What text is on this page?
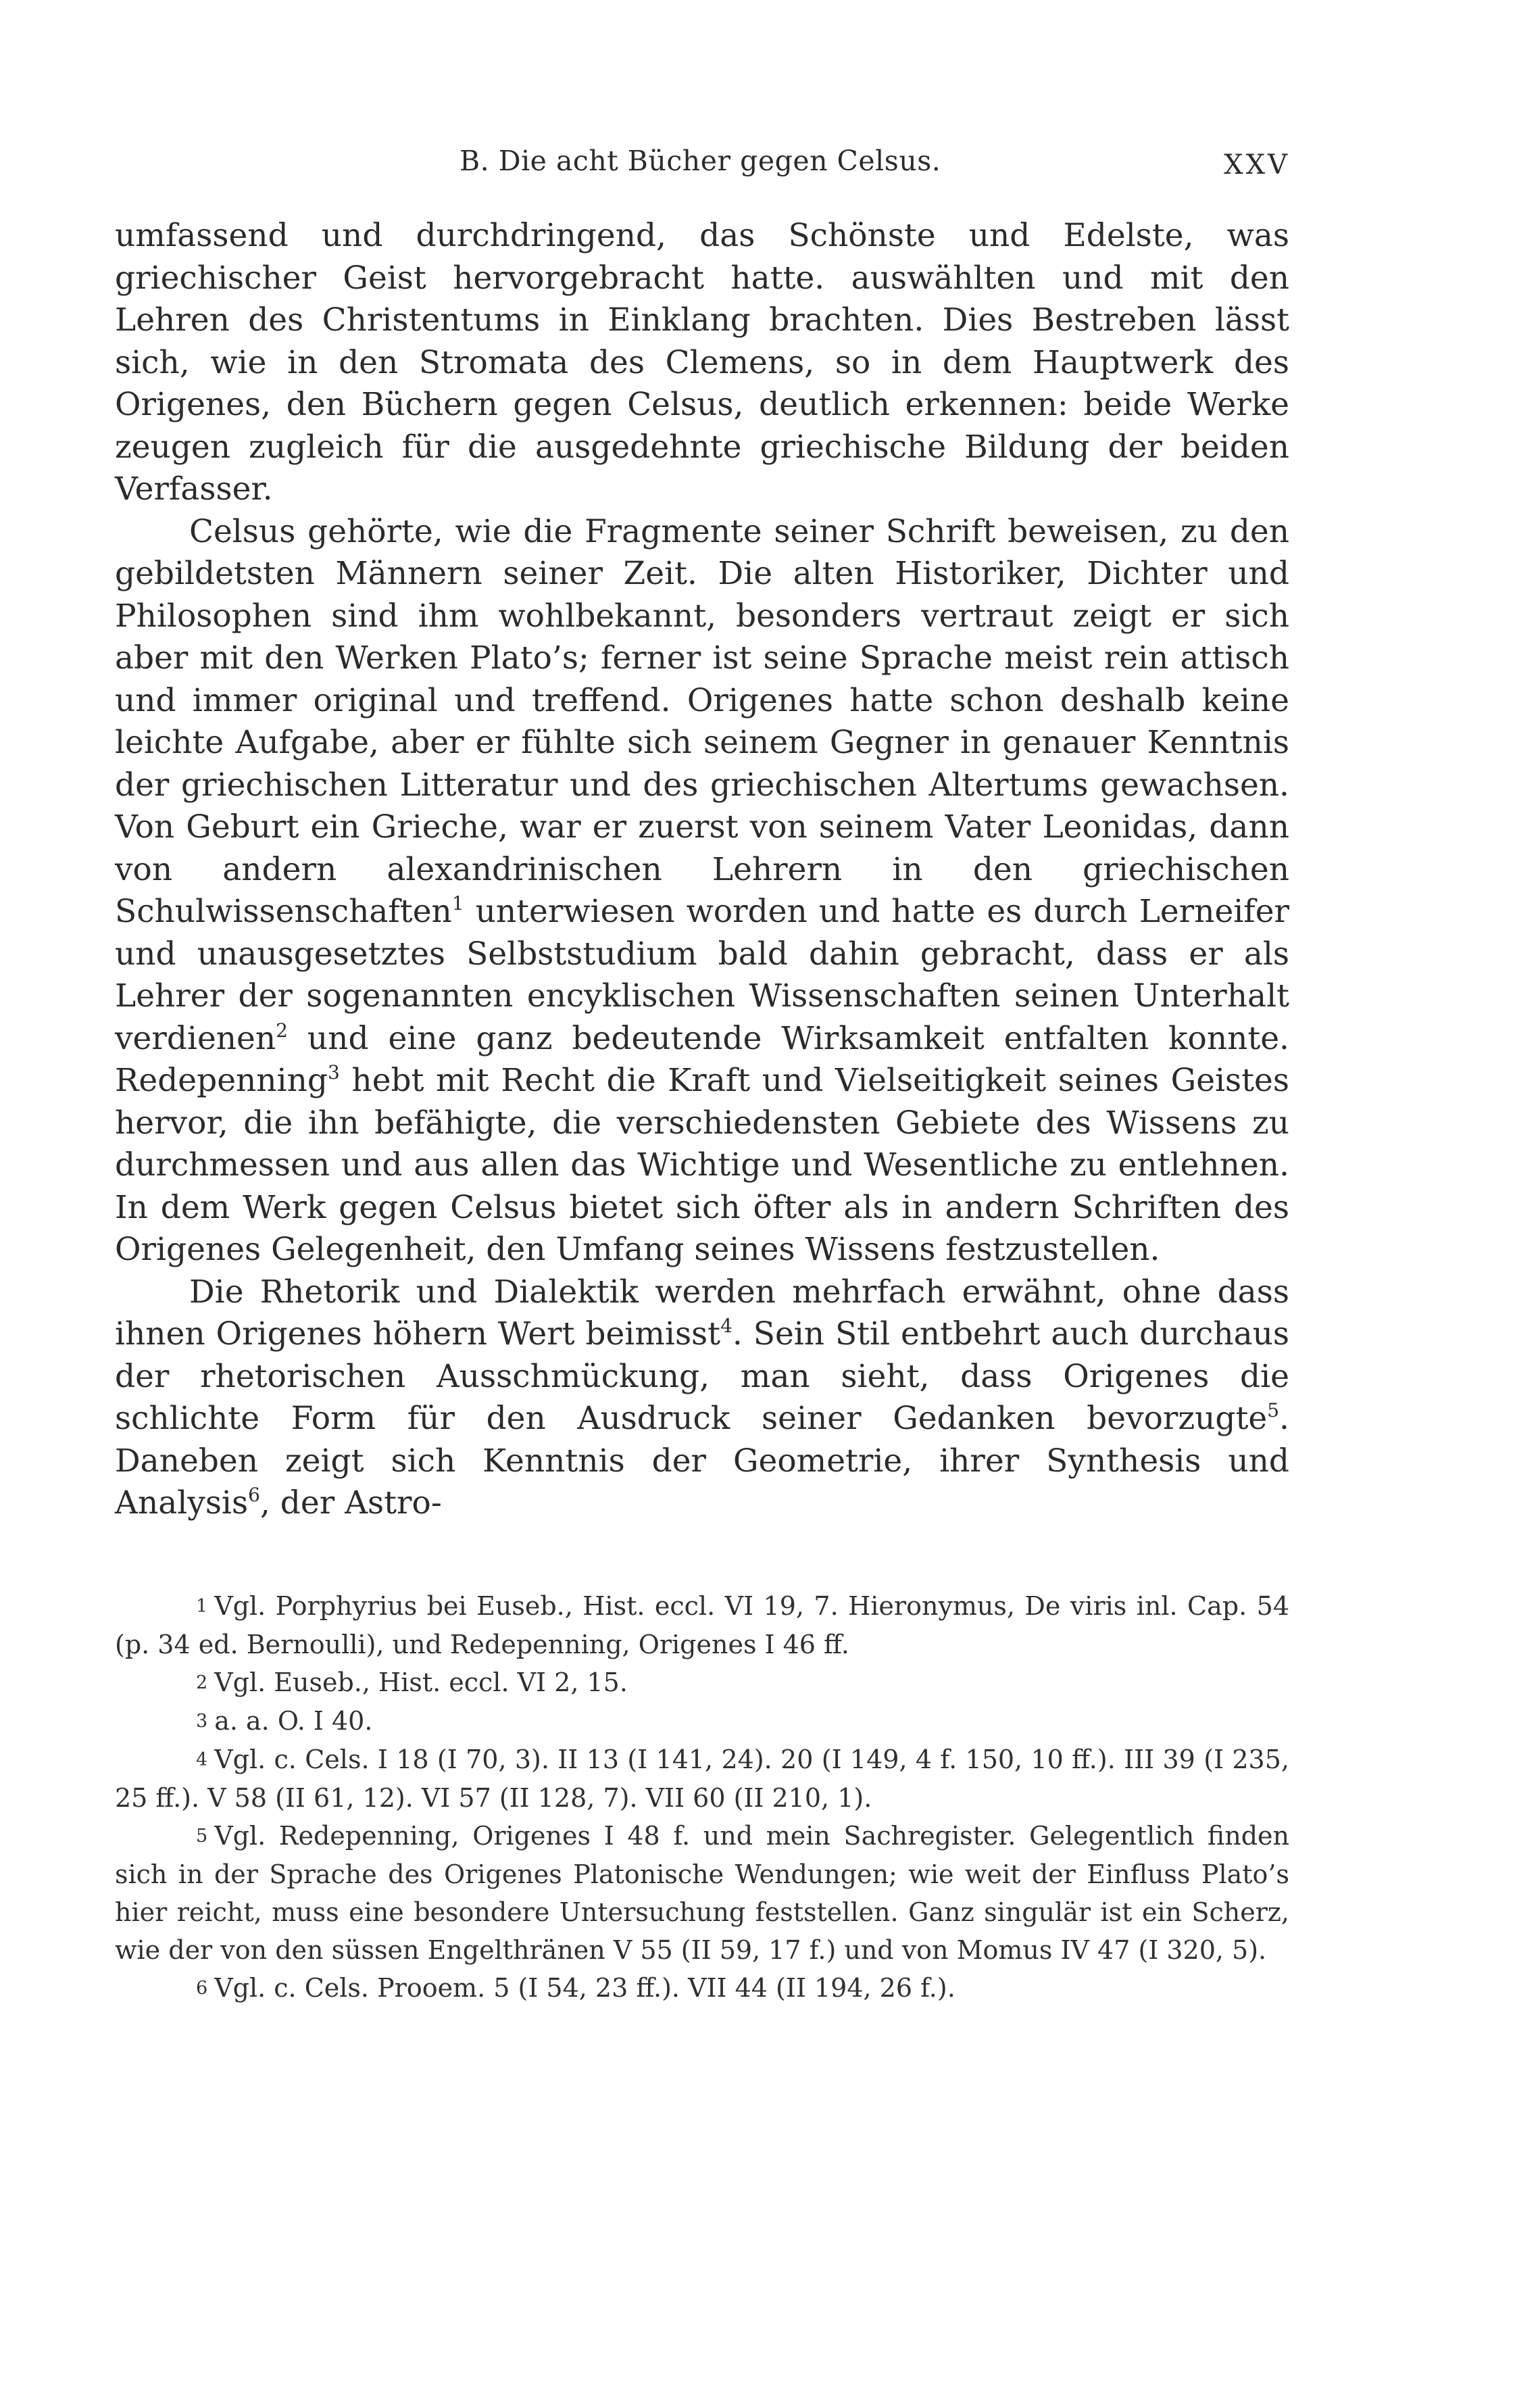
B. Die acht Bücher gegen Celsus.	XXV

umfassend und durchdringend, das Schönste und Edelste, was griechischer Geist hervorgebracht hatte. auswählten und mit den Lehren des Christentums in Einklang brachten. Dies Bestreben lässt sich, wie in den Stromata des Clemens, so in dem Hauptwerk des Origenes, den Büchern gegen Celsus, deutlich erkennen: beide Werke zeugen zugleich für die ausgedehnte griechische Bildung der beiden Verfasser.

Celsus gehörte, wie die Fragmente seiner Schrift beweisen, zu den gebildetsten Männern seiner Zeit. Die alten Historiker, Dichter und Philosophen sind ihm wohlbekannt, besonders vertraut zeigt er sich aber mit den Werken Plato’s; ferner ist seine Sprache meist rein attisch und immer original und treffend. Origenes hatte schon deshalb keine leichte Aufgabe, aber er fühlte sich seinem Gegner in genauer Kenntnis der griechischen Litteratur und des griechischen Altertums gewachsen. Von Geburt ein Grieche, war er zuerst von seinem Vater Leonidas, dann von andern alexandrinischen Lehrern in den griechischen Schulwissenschaften$^1$ unterwiesen worden und hatte es durch Lerneifer und unausgesetztes Selbststudium bald dahin gebracht, dass er als Lehrer der sogenannten encyklischen Wissenschaften seinen Unterhalt verdienen$^2$ und eine ganz bedeutende Wirksamkeit entfalten konnte. Redepenning$^3$ hebt mit Recht die Kraft und Vielseitigkeit seines Geistes hervor, die ihn befähigte, die verschiedensten Gebiete des Wissens zu durchmessen und aus allen das Wichtige und Wesentliche zu entlehnen. In dem Werk gegen Celsus bietet sich öfter als in andern Schriften des Origenes Gelegenheit, den Umfang seines Wissens festzustellen.

Die Rhetorik und Dialektik werden mehrfach erwähnt, ohne dass ihnen Origenes höhern Wert beimisst$^4$. Sein Stil entbehrt auch durchaus der rhetorischen Ausschmückung, man sieht, dass Origenes die schlichte Form für den Ausdruck seiner Gedanken bevorzugte$^5$. Daneben zeigt sich Kenntnis der Geometrie, ihrer Synthesis und Analysis$^6$, der Astro-

1 Vgl. Porphyrius bei Euseb., Hist. eccl. VI 19, 7. Hieronymus, De viris inl. Cap. 54 (p. 34 ed. Bernoulli), und Redepenning, Origenes I 46 ff.

2 Vgl. Euseb., Hist. eccl. VI 2, 15.

3 a. a. O. I 40.

4 Vgl. c. Cels. I 18 (I 70, 3). II 13 (I 141, 24). 20 (I 149, 4 f. 150, 10 ff.). III 39 (I 235, 25 ff.). V 58 (II 61, 12). VI 57 (II 128, 7). VII 60 (II 210, 1).

5 Vgl. Redepenning, Origenes I 48 f. und mein Sachregister. Gelegentlich finden sich in der Sprache des Origenes Platonische Wendungen; wie weit der Einfluss Plato’s hier reicht, muss eine besondere Untersuchung feststellen. Ganz singulär ist ein Scherz, wie der von den süssen Engelthränen V 55 (II 59, 17 f.) und von Momus IV 47 (I 320, 5).

6 Vgl. c. Cels. Prooem. 5 (I 54, 23 ff.). VII 44 (II 194, 26 f.).
